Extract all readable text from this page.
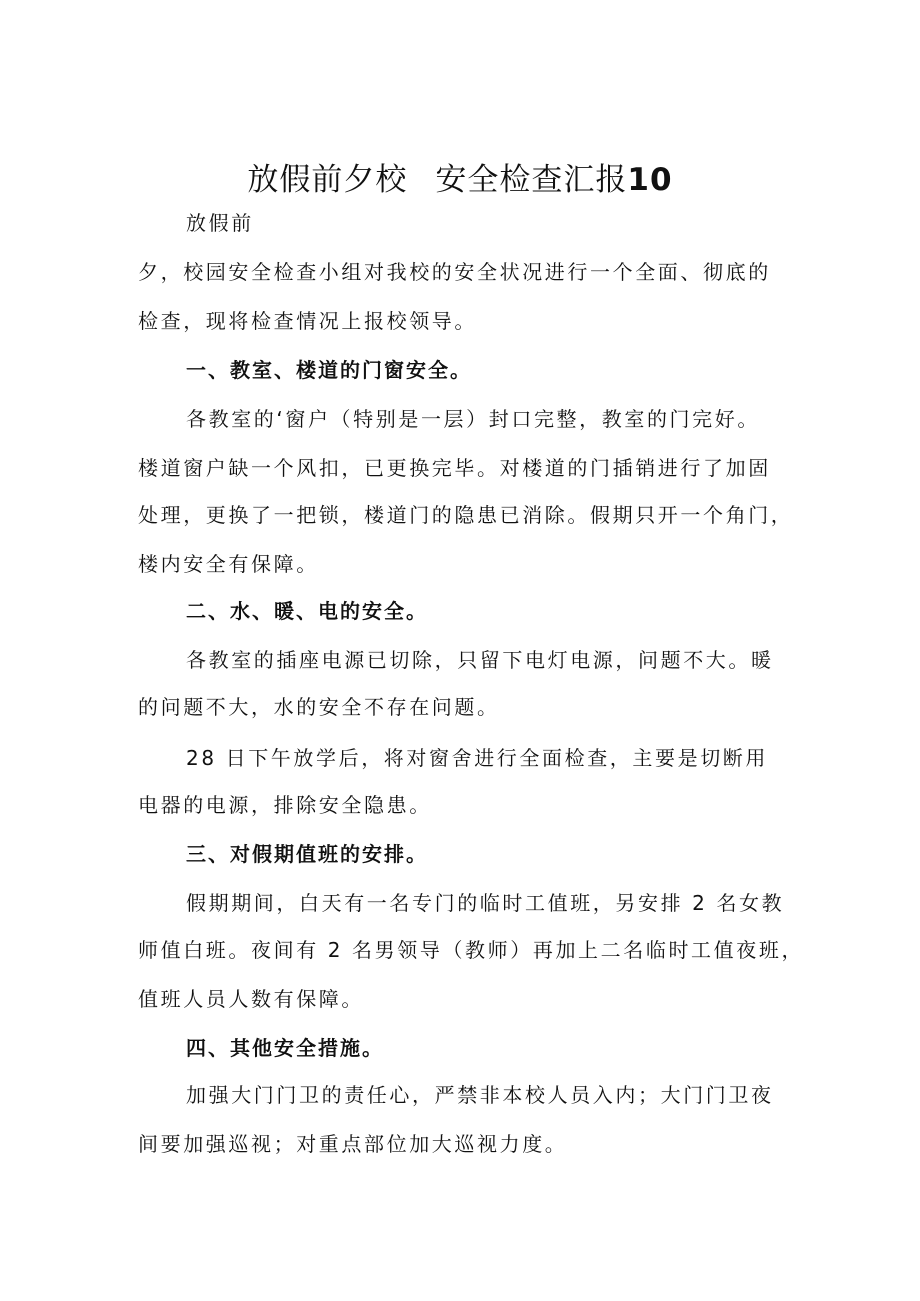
放假前夕校 安全检查汇报10

放假前

夕，校园安全检查小组对我校的安全状况进行一个全面、彻底的

检查，现将检查情况上报校领导。

一、教室、楼道的门窗安全。

各教室的‘窗户（特别是一层）封口完整，教室的门完好。

楼道窗户缺一个风扣，已更换完毕。对楼道的门插销进行了加固

处理，更换了一把锁，楼道门的隐患已消除。假期只开一个角门，

楼内安全有保障。

二、水、暖、电的安全。

各教室的插座电源已切除，只留下电灯电源，问题不大。暖

的问题不大，水的安全不存在问题。

28 日下午放学后，将对窗舍进行全面检查，主要是切断用

电器的电源，排除安全隐患。

三、对假期值班的安排。

假期期间，白天有一名专门的临时工值班，另安排 2 名女教

师值白班。夜间有 2 名男领导（教师）再加上二名临时工值夜班，

值班人员人数有保障。

四、其他安全措施。

加强大门门卫的责任心，严禁非本校人员入内；大门门卫夜

间要加强巡视；对重点部位加大巡视力度。
